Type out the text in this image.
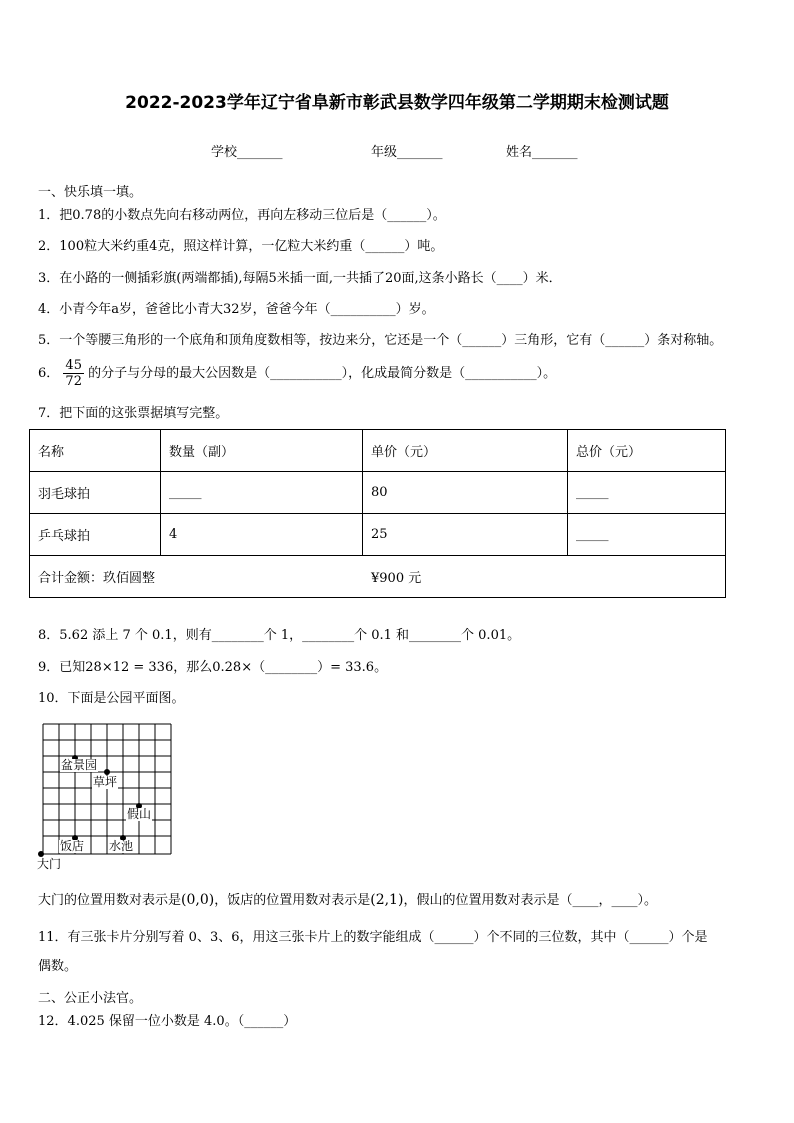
2022-2023学年辽宁省阜新市彰武县数学四年级第二学期期末检测试题
学校_______	年级_______	姓名_______
一、快乐填一填。
1．把0.78的小数点先向右移动两位，再向左移动三位后是（______）。
2．100粒大米约重4克，照这样计算，一亿粒大米约重（______）吨。
3．在小路的一侧插彩旗(两端都插),每隔5米插一面,一共插了20面,这条小路长（____）米．
4．小青今年a岁，爸爸比小青大32岁，爸爸今年（__________）岁。
5．一个等腰三角形的一个底角和顶角度数相等，按边来分，它还是一个（______）三角形，它有（______）条对称轴。
6． $\frac{45}{72}$ 的分子与分母的最大公因数是（___________），化成最简分数是（___________）。
7．把下面的这张票据填写完整。
名称	数量（副）	单价（元）	总价（元）
羽毛球拍	_____	80	_____
乒乓球拍	4	25	_____
合计金额：玖佰圆整 ¥900 元			
8．5.62 添上 7 个 0.1，则有________个 1，________个 0.1 和________个 0.01。
9．已知28×12 = 336，那么0.28×（________）= 33.6。
10．下面是公园平面图。
盆景园
草坪
假山
饭店 水池
大门
大门的位置用数对表示是(0,0)，饭店的位置用数对表示是(2,1)，假山的位置用数对表示是（____，____）。
11．有三张卡片分别写着 0、3、6，用这三张卡片上的数字能组成（______）个不同的三位数，其中（______）个是
偶数。
二、公正小法官。
12．4.025 保留一位小数是 4.0。（______）
